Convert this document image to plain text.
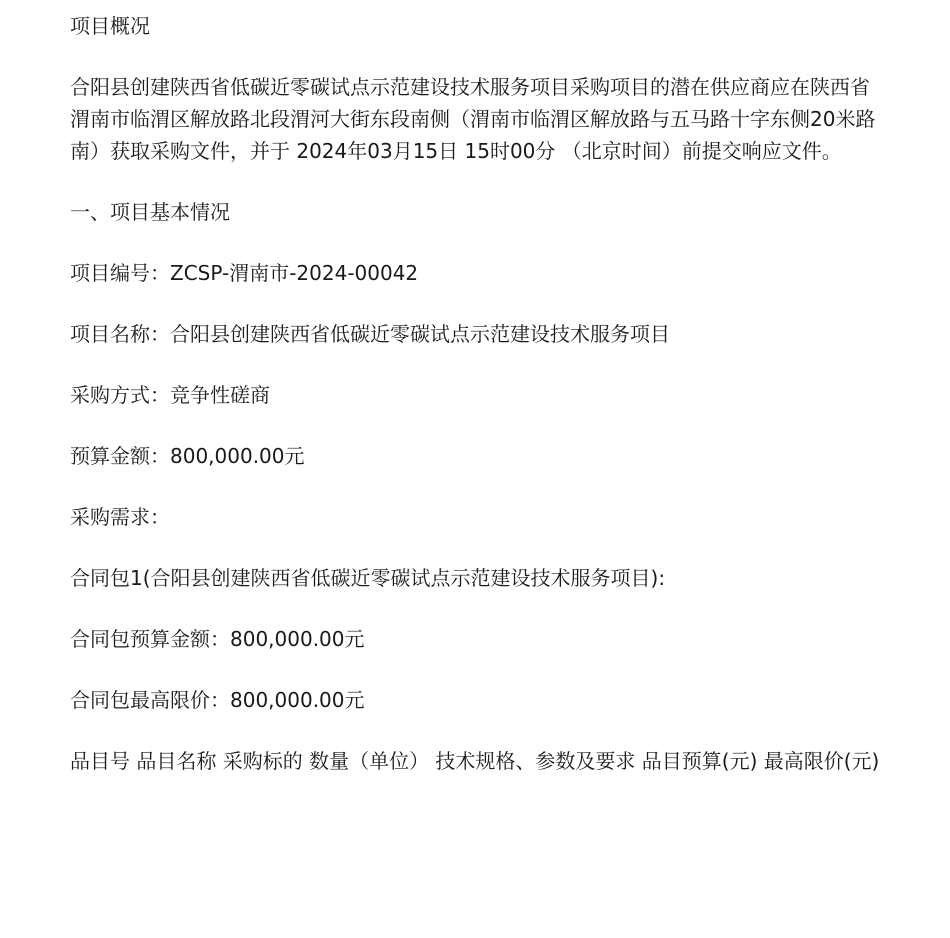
项目概况

合阳县创建陕西省低碳近零碳试点示范建设技术服务项目采购项目的潜在供应商应在陕西省渭南市临渭区解放路北段渭河大街东段南侧（渭南市临渭区解放路与五马路十字东侧20米路南）获取采购文件，并于 2024年03月15日 15时00分 （北京时间）前提交响应文件。

一、项目基本情况

项目编号：ZCSP-渭南市-2024-00042

项目名称：合阳县创建陕西省低碳近零碳试点示范建设技术服务项目

采购方式：竞争性磋商

预算金额：800,000.00元

采购需求：

合同包1(合阳县创建陕西省低碳近零碳试点示范建设技术服务项目):

合同包预算金额：800,000.00元

合同包最高限价：800,000.00元

品目号 品目名称 采购标的 数量（单位） 技术规格、参数及要求 品目预算(元) 最高限价(元)
